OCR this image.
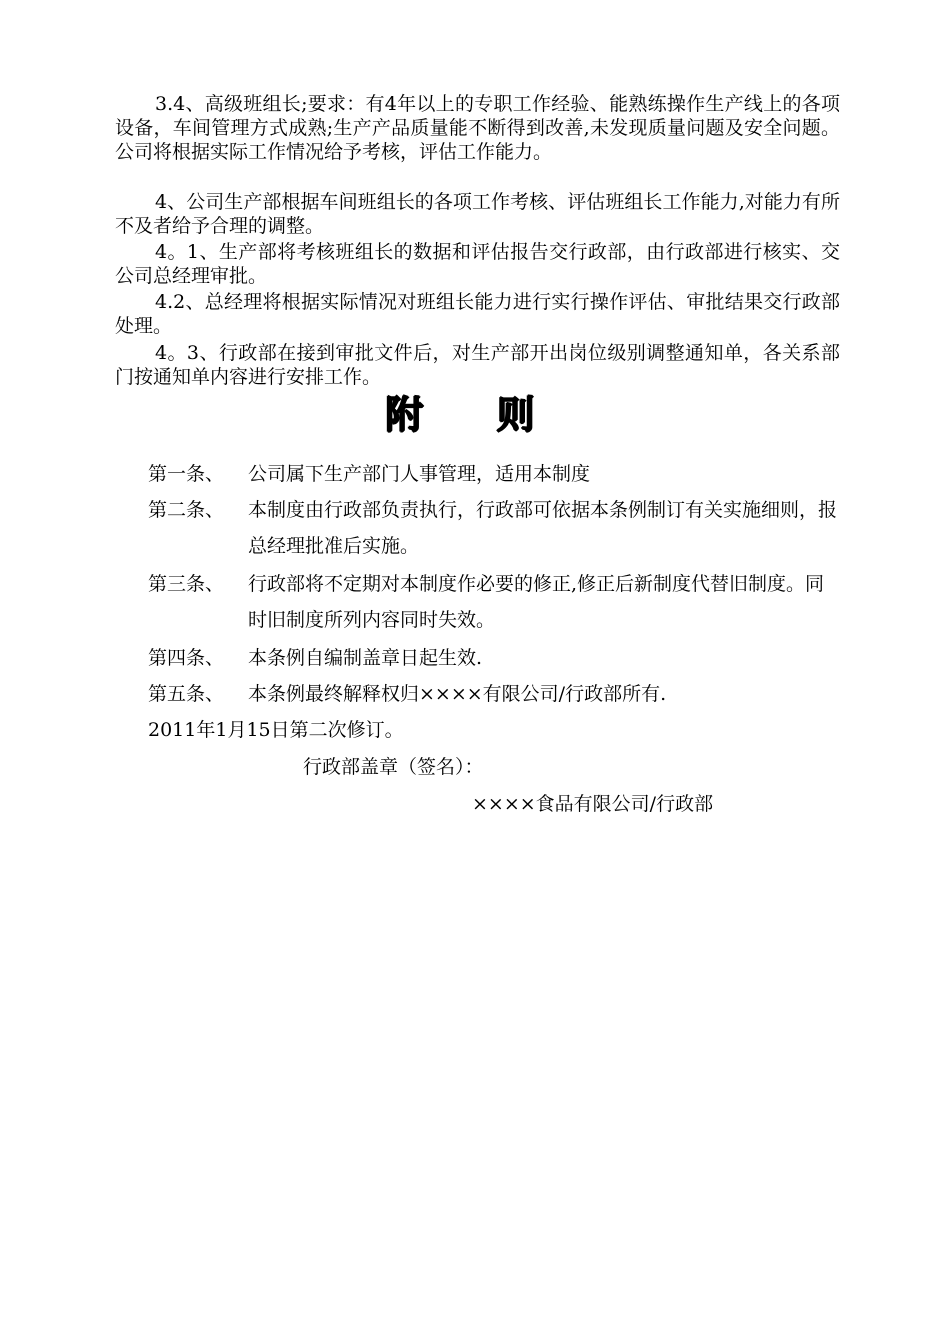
3.4、高级班组长;要求：有4年以上的专职工作经验、能熟练操作生产线上的各项设备，车间管理方式成熟;生产产品质量能不断得到改善,未发现质量问题及安全问题。公司将根据实际工作情况给予考核，评估工作能力。

4、公司生产部根据车间班组长的各项工作考核、评估班组长工作能力,对能力有所不及者给予合理的调整。

4。1、生产部将考核班组长的数据和评估报告交行政部，由行政部进行核实、交公司总经理审批。

4.2、总经理将根据实际情况对班组长能力进行实行操作评估、审批结果交行政部处理。

4。3、行政部在接到审批文件后，对生产部开出岗位级别调整通知单，各关系部门按通知单内容进行安排工作。

附 则
第一条、 公司属下生产部门人事管理，适用本制度
第二条、 本制度由行政部负责执行，行政部可依据本条例制订有关实施细则，报总经理批准后实施。
第三条、 行政部将不定期对本制度作必要的修正,修正后新制度代替旧制度。同时旧制度所列内容同时失效。
第四条、 本条例自编制盖章日起生效.
第五条、 本条例最终解释权归××××有限公司/行政部所有.

2011年1月15日第二次修订。

行政部盖章（签名）：

××××食品有限公司/行政部
